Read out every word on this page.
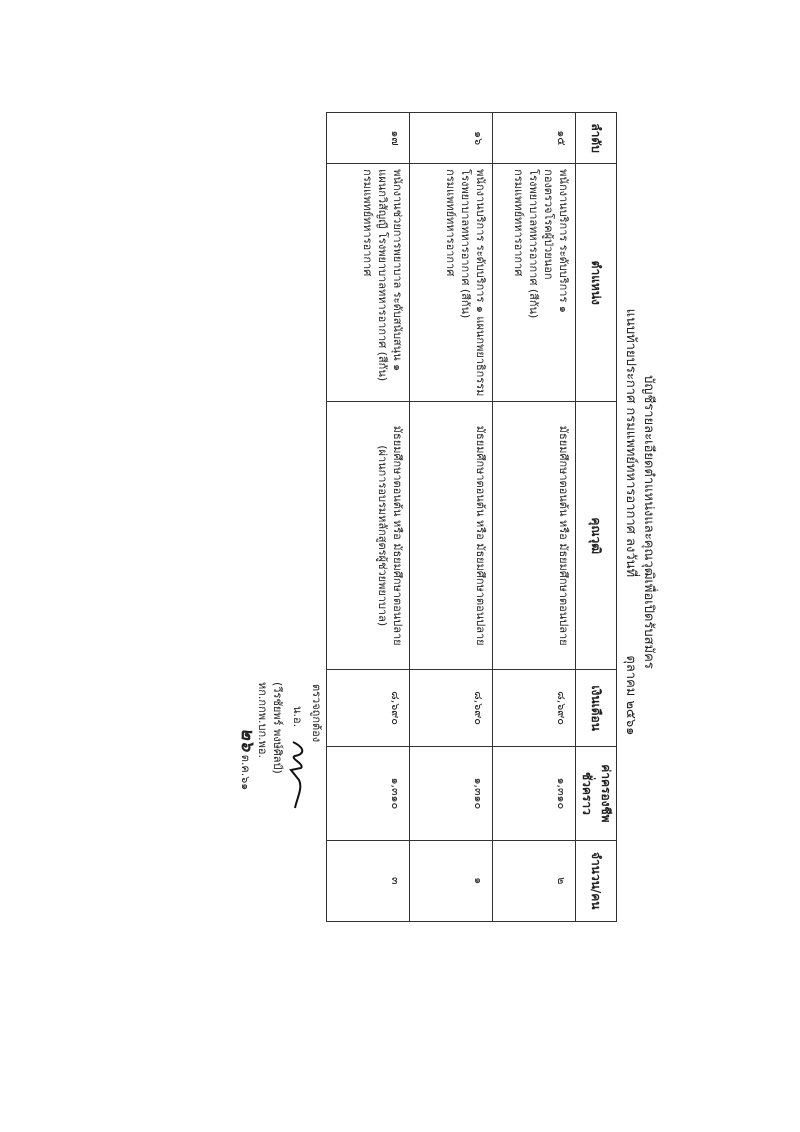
บัญชีรายละเอียดตำแหน่งและคุณวุฒิเพื่อเปิดรับสมัคร
แนบท้ายประกาศ กรมแพทย์ทหารอากาศ ลงวันที่  ตุลาคม ๒๕๖๑
ลำดับ	ตำแหน่ง	คุณวุฒิ	เงินเดือน	ค่าครองชีพชั่วคราว	จำนวน/คน
๑๕	พนักงานบริการ ระดับบริการ ๑
กองตรวจโรคผู้ป่วยนอก
โรงพยาบาลทหารอากาศ (สีกัน)
กรมแพทย์ทหารอากาศ	มัธยมศึกษาตอนต้น หรือ มัธยมศึกษาตอนปลาย	๘,๖๙๐	๑,๓๑๐	๒
๑๖	พนักงานบริการ ระดับบริการ ๑ แผนกพยาธิกรรม
โรงพยาบาลทหารอากาศ (สีกัน)
กรมแพทย์ทหารอากาศ	มัธยมศึกษาตอนต้น หรือ มัธยมศึกษาตอนปลาย	๘,๖๙๐	๑,๓๑๐	๑
๑๗	พนักงานช่วยการพยาบาล ระดับสนับสนุน ๑
แผนกวิสัญญี โรงพยาบาลทหารอากาศ (สีกัน)
กรมแพทย์ทหารอากาศ	มัธยมศึกษาตอนต้น หรือ มัธยมศึกษาตอนปลาย
(ผ่านการอบรมหลักสูตรผู้ช่วยพยาบาล)	๘,๖๙๐	๑,๓๑๐	๓
ตรวจถูกต้อง
น.อ.
(วีรชัยพร์ พงษ์ศิลป์)
หก.กกพ.บก.พอ.
๒๖ ต.ค.๖๑
